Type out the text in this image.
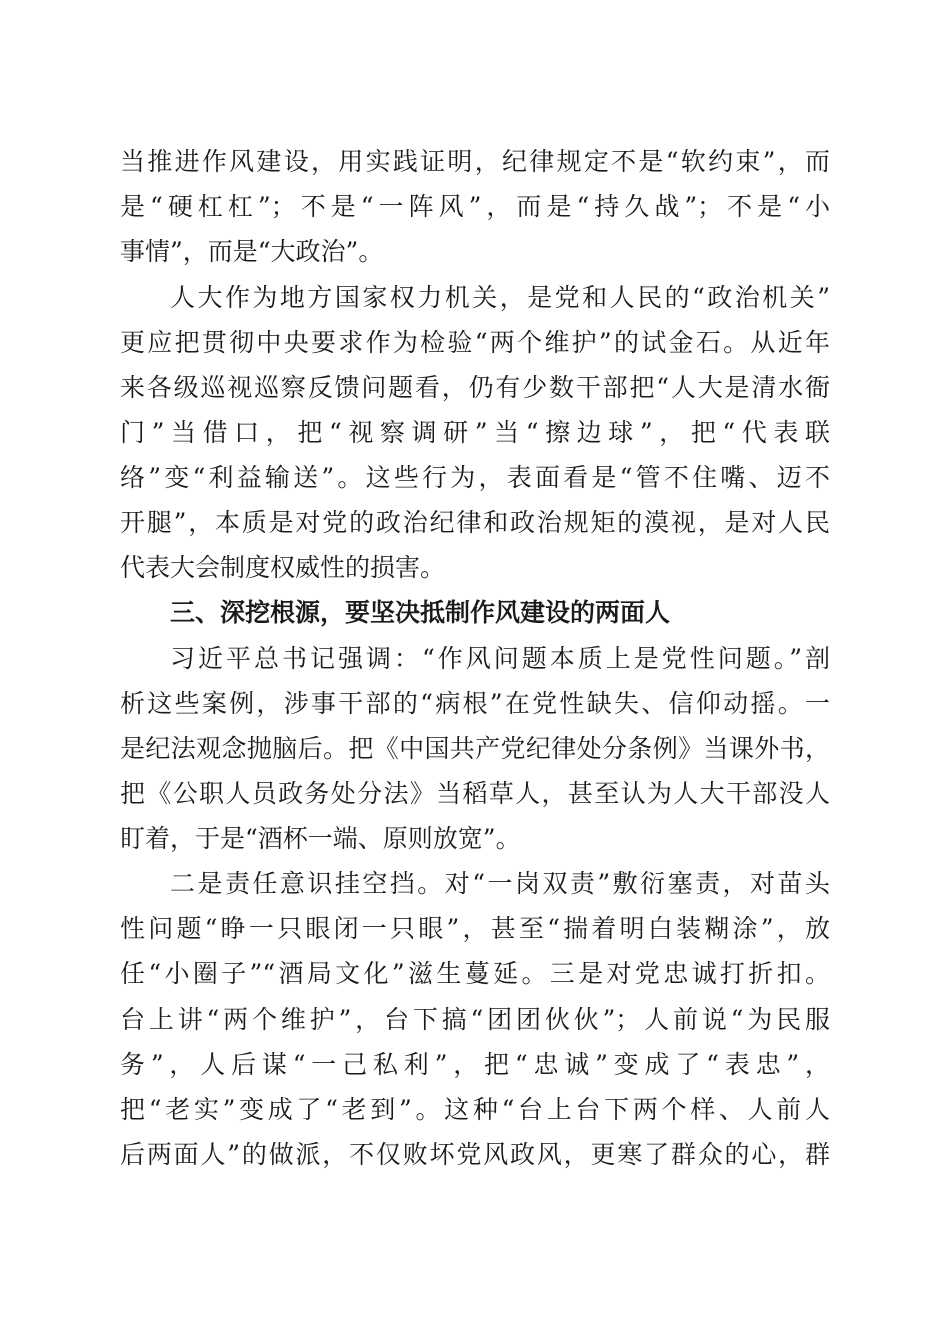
当推进作风建设，用实践证明，纪律规定不是“软约束”，而
是“硬杠杠”；不是“一阵风”，而是“持久战”；不是“小
事情”，而是“大政治”。
人大作为地方国家权力机关，是党和人民的“政治机关”
更应把贯彻中央要求作为检验“两个维护”的试金石。从近年
来各级巡视巡察反馈问题看，仍有少数干部把“人大是清水衙
门”当借口，把“视察调研”当“擦边球”，把“代表联
络”变“利益输送”。这些行为，表面看是“管不住嘴、迈不
开腿”，本质是对党的政治纪律和政治规矩的漠视，是对人民
代表大会制度权威性的损害。
三、深挖根源，要坚决抵制作风建设的两面人
习近平总书记强调：“作风问题本质上是党性问题。”剖
析这些案例，涉事干部的“病根”在党性缺失、信仰动摇。一
是纪法观念抛脑后。把《中国共产党纪律处分条例》当课外书，
把《公职人员政务处分法》当稻草人，甚至认为人大干部没人
盯着，于是“酒杯一端、原则放宽”。
二是责任意识挂空挡。对“一岗双责”敷衍塞责，对苗头
性问题“睁一只眼闭一只眼”，甚至“揣着明白装糊涂”，放
任“小圈子”“酒局文化”滋生蔓延。三是对党忠诚打折扣。
台上讲“两个维护”，台下搞“团团伙伙”；人前说“为民服
务”，人后谋“一己私利”，把“忠诚”变成了“表忠”，
把“老实”变成了“老到”。这种“台上台下两个样、人前人
后两面人”的做派，不仅败坏党风政风，更寒了群众的心，群
